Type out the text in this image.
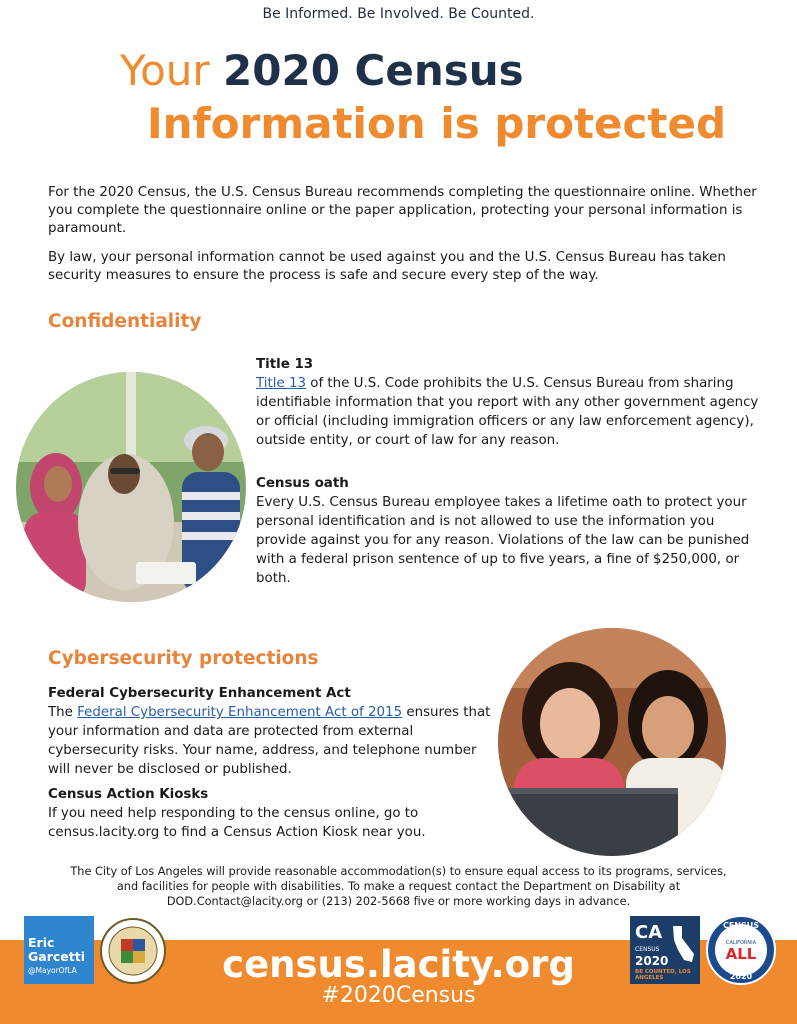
Be Informed. Be Involved. Be Counted.
Your 2020 Census
Information is protected

For the 2020 Census, the U.S. Census Bureau recommends completing the questionnaire online. Whether you complete the questionnaire online or the paper application, protecting your personal information is paramount.

By law, your personal information cannot be used against you and the U.S. Census Bureau has taken security measures to ensure the process is safe and secure every step of the way.

Confidentiality

Title 13

Title 13 of the U.S. Code prohibits the U.S. Census Bureau from sharing identifiable information that you report with any other government agency or official (including immigration officers or any law enforcement agency), outside entity, or court of law for any reason.

Census oath

Every U.S. Census Bureau employee takes a lifetime oath to protect your personal identification and is not allowed to use the information you provide against you for any reason. Violations of the law can be punished with a federal prison sentence of up to five years, a fine of $250,000, or both.

Cybersecurity protections

Federal Cybersecurity Enhancement Act

The Federal Cybersecurity Enhancement Act of 2015 ensures that your information and data are protected from external cybersecurity risks. Your name, address, and telephone number will never be disclosed or published.

Census Action Kiosks

If you need help responding to the census online, go to census.lacity.org to find a Census Action Kiosk near you.

The City of Los Angeles will provide reasonable accommodation(s) to ensure equal access to its programs, services,
and facilities for people with disabilities. To make a request contact the Department on Disability at
DOD.Contact@lacity.org or (213) 202-5668 five or more working days in advance.
census.lacity.org
#2020Census
Eric
Garcetti
@MayorOfLA
CA
CENSUS
2020
BE COUNTED, LOS ANGELES
CENSUS
CALIFORNIA
ALL
2020
